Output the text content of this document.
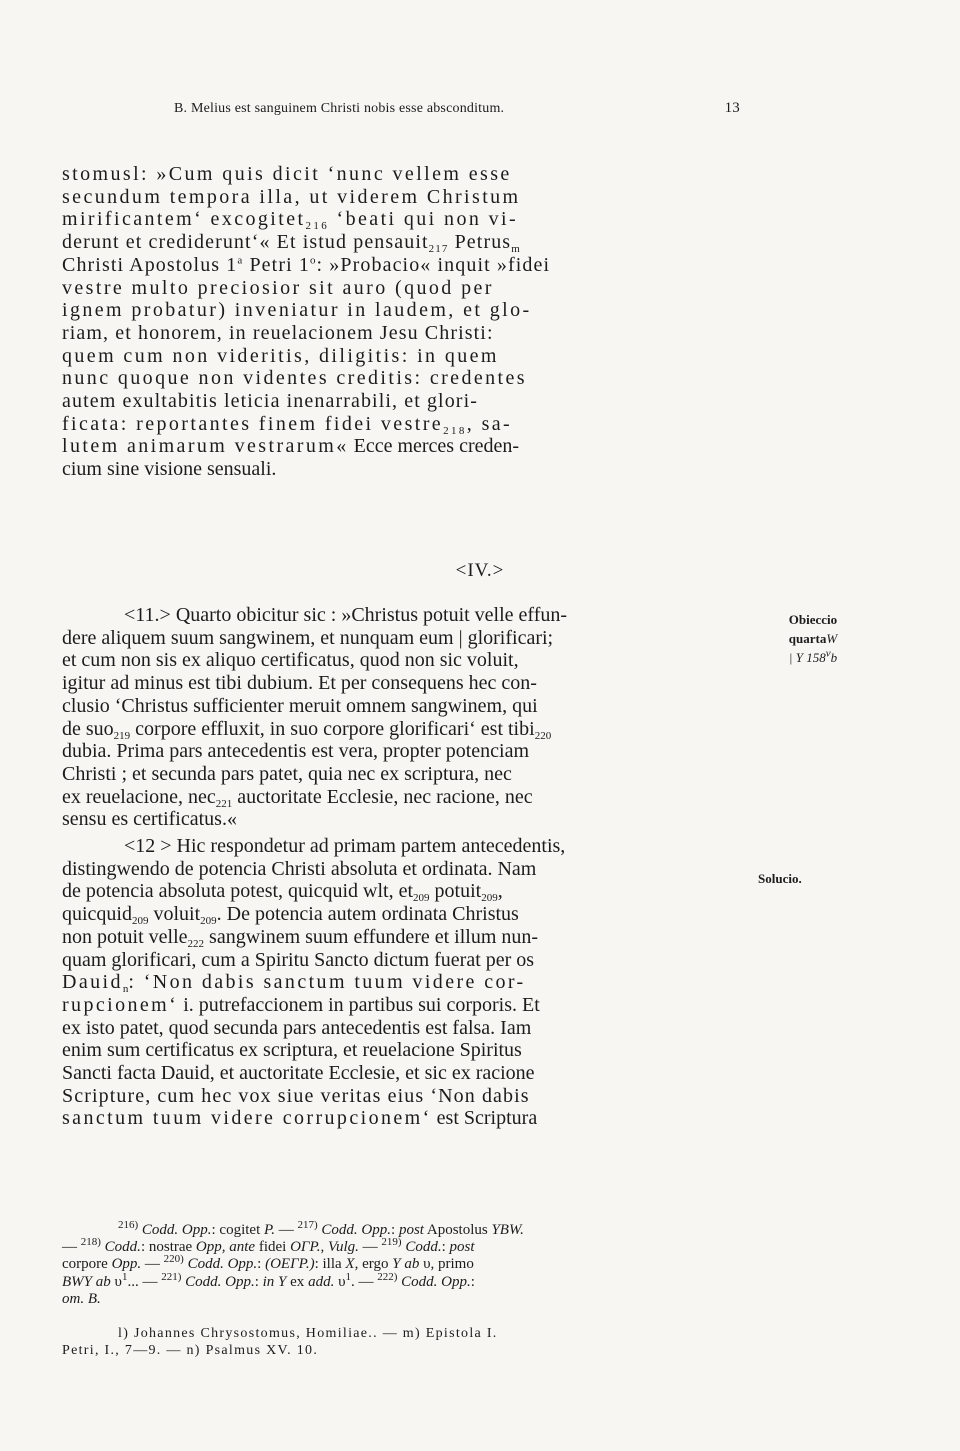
B. Melius est sanguinem Christi nobis esse absconditum.	13

stomusl: »Cum quis dicit ‘nunc vellem esse

secundum tempora illa, ut viderem Christum

mirificantem‘ excogitet$_{216}$ ‘beati qui non vi-

derunt et crediderunt‘« Et istud pensauit$_{217}$ Petrus$_m$

Christi Apostolus 1$^a$ Petri 1$^o$: »Probacio« inquit »fidei

vestre multo preciosior sit auro (quod per

ignem probatur) inveniatur in laudem, et glo-

riam, et honorem, in reuelacionem Jesu Christi:

quem cum non videritis, diligitis: in quem

nunc quoque non videntes creditis: credentes

autem exultabitis leticia inenarrabili, et glori-

ficata: reportantes finem fidei vestre$_{218}$, sa-

lutem animarum vestrarum« Ecce merces creden-

cium sine visione sensuali.

<IV.>

<11.> Quarto obicitur sic : »Christus potuit velle effun-

dere aliquem suum sangwinem, et nunquam eum | glorificari;

et cum non sis ex aliquo certificatus, quod non sic voluit,

igitur ad minus est tibi dubium. Et per consequens hec con-

clusio ‘Christus sufficienter meruit omnem sangwinem, qui

de suo$_{219}$ corpore effluxit, in suo corpore glorificari‘ est tibi$_{220}$

dubia. Prima pars antecedentis est vera, propter potenciam

Christi ; et secunda pars patet, quia nec ex scriptura, nec

ex reuelacione, nec$_{221}$ auctoritate Ecclesie, nec racione, nec

sensu es certificatus.«

<12 > Hic respondetur ad primam partem antecedentis,

distingwendo de potencia Christi absoluta et ordinata. Nam

de potencia absoluta potest, quicquid wlt, $et_{209}$ potuit$_{209}$,

quicquid$_{209}$ voluit$_{209}$. De potencia autem ordinata Christus

non potuit velle$_{222}$ sangwinem suum effundere et illum nun-

quam glorificari, cum a Spiritu Sancto dictum fuerat per os

Dauid$_n$: ‘Non dabis sanctum tuum videre cor-

rupcionem‘ i. putrefaccionem in partibus sui corporis. Et

ex isto patet, quod secunda pars antecedentis est falsa. Iam

enim sum certificatus ex scriptura, et reuelacione Spiritus

Sancti facta Dauid, et auctoritate Ecclesie, et sic ex racione

Scripture, cum hec vox siue veritas eius ‘Non dabis

sanctum tuum videre corrupcionem‘ est Scriptura

Obieccio
quartaW
| Y 158$^v$b
Solucio.

$^{216)}$ Codd. Opp.: cogitet P. — $^{217)}$ Codd. Opp.: post Apostolus YBW.

— $^{218)}$ Codd.: nostrae Opp, ante fidei OΓP., Vulg. — $^{219)}$ Codd.: post

corpore Opp. — $^{220)}$ Codd. Opp.: (OEΓP.): illa X, ergo Y ab υ, primo

BWY ab $\upsilon^1$... — $^{221)}$ Codd. Opp.: in Y ex add. $\upsilon^1$. — $^{222)}$ Codd. Opp.:

om. B.

l) Johannes Chrysostomus, Homiliae.. — m) Epistola I.

Petri, I., 7—9. — n) Psalmus XV. 10.
